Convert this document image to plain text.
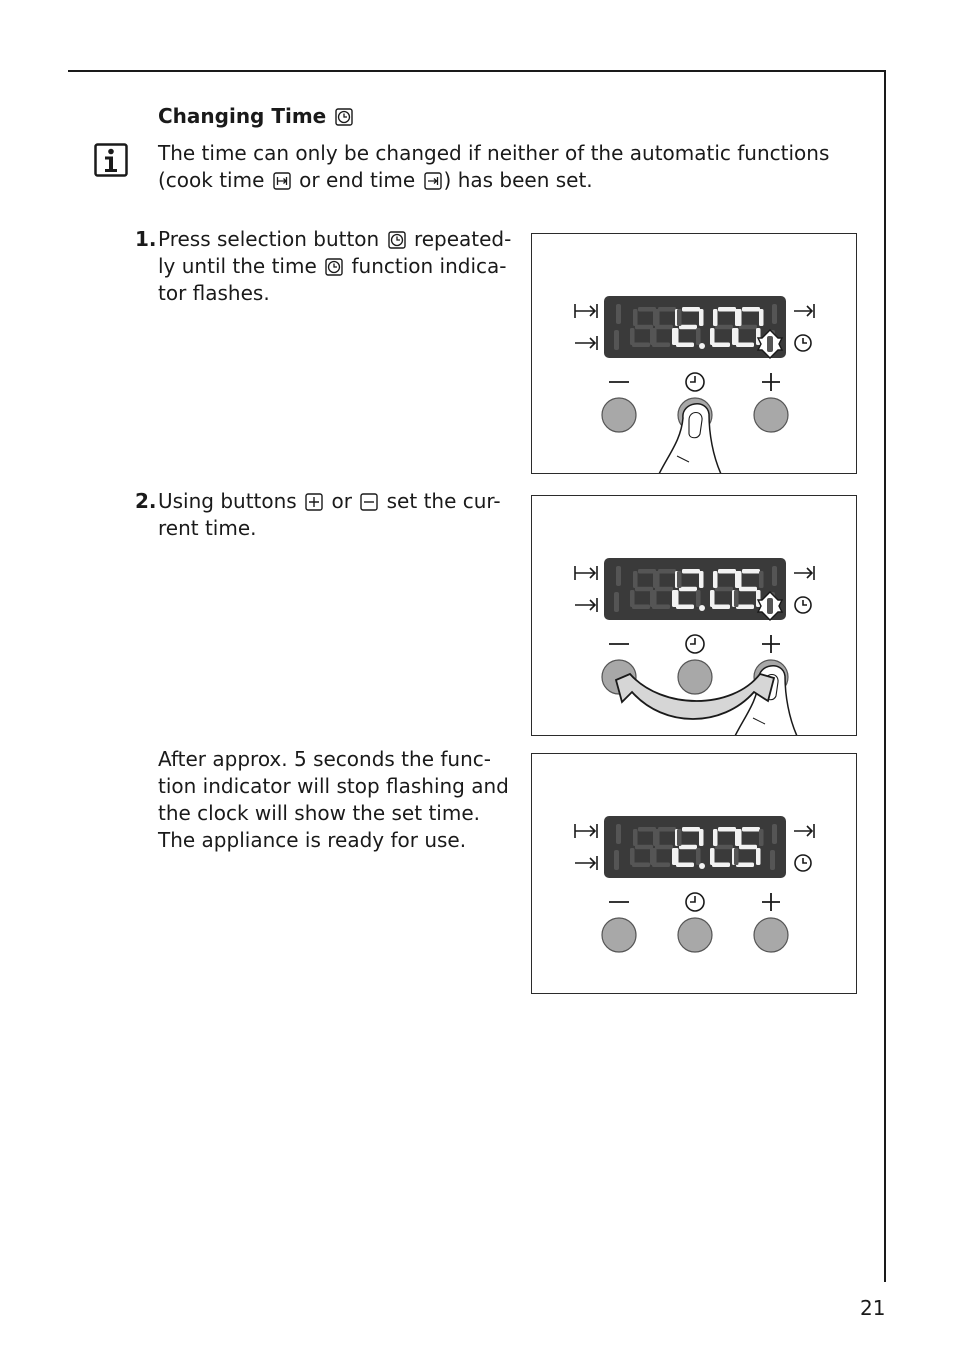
Changing Time
The time can only be changed if neither of the automatic functions
(cook time or end time ) has been set.
1. Press selection button repeated-
ly until the time function indica-
tor flashes.
2. Using buttons or set the cur-
rent time.
After approx. 5 seconds the func-
tion indicator will stop flashing and
the clock will show the set time.
The appliance is ready for use.
21
